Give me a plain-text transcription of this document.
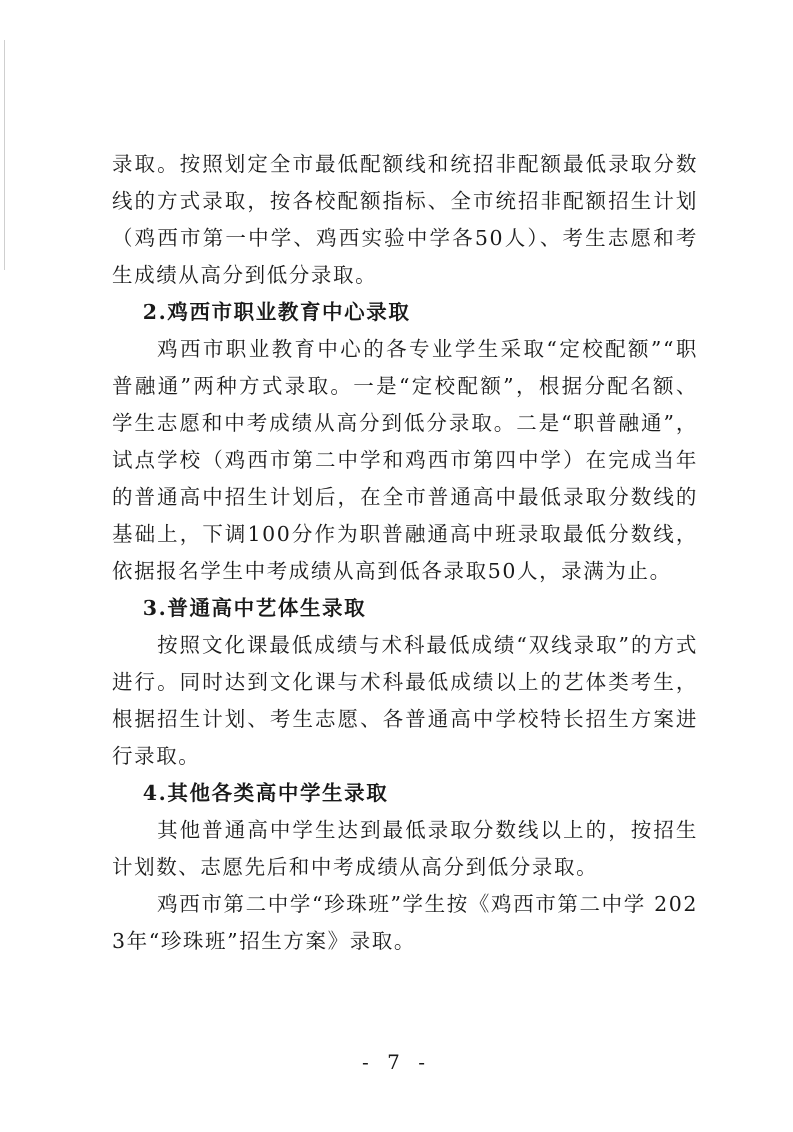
录取。按照划定全市最低配额线和统招非配额最低录取分数线的方式录取，按各校配额指标、全市统招非配额招生计划（鸡西市第一中学、鸡西实验中学各50人）、考生志愿和考生成绩从高分到低分录取。

2.鸡西市职业教育中心录取

鸡西市职业教育中心的各专业学生采取“定校配额”“职普融通”两种方式录取。一是“定校配额”，根据分配名额、学生志愿和中考成绩从高分到低分录取。二是“职普融通”，试点学校（鸡西市第二中学和鸡西市第四中学）在完成当年的普通高中招生计划后，在全市普通高中最低录取分数线的基础上，下调100分作为职普融通高中班录取最低分数线，依据报名学生中考成绩从高到低各录取50人，录满为止。

3.普通高中艺体生录取

按照文化课最低成绩与术科最低成绩“双线录取”的方式进行。同时达到文化课与术科最低成绩以上的艺体类考生，根据招生计划、考生志愿、各普通高中学校特长招生方案进行录取。

4.其他各类高中学生录取

其他普通高中学生达到最低录取分数线以上的，按招生计划数、志愿先后和中考成绩从高分到低分录取。

鸡西市第二中学“珍珠班”学生按《鸡西市第二中学 2023年“珍珠班”招生方案》录取。

- 7 -
